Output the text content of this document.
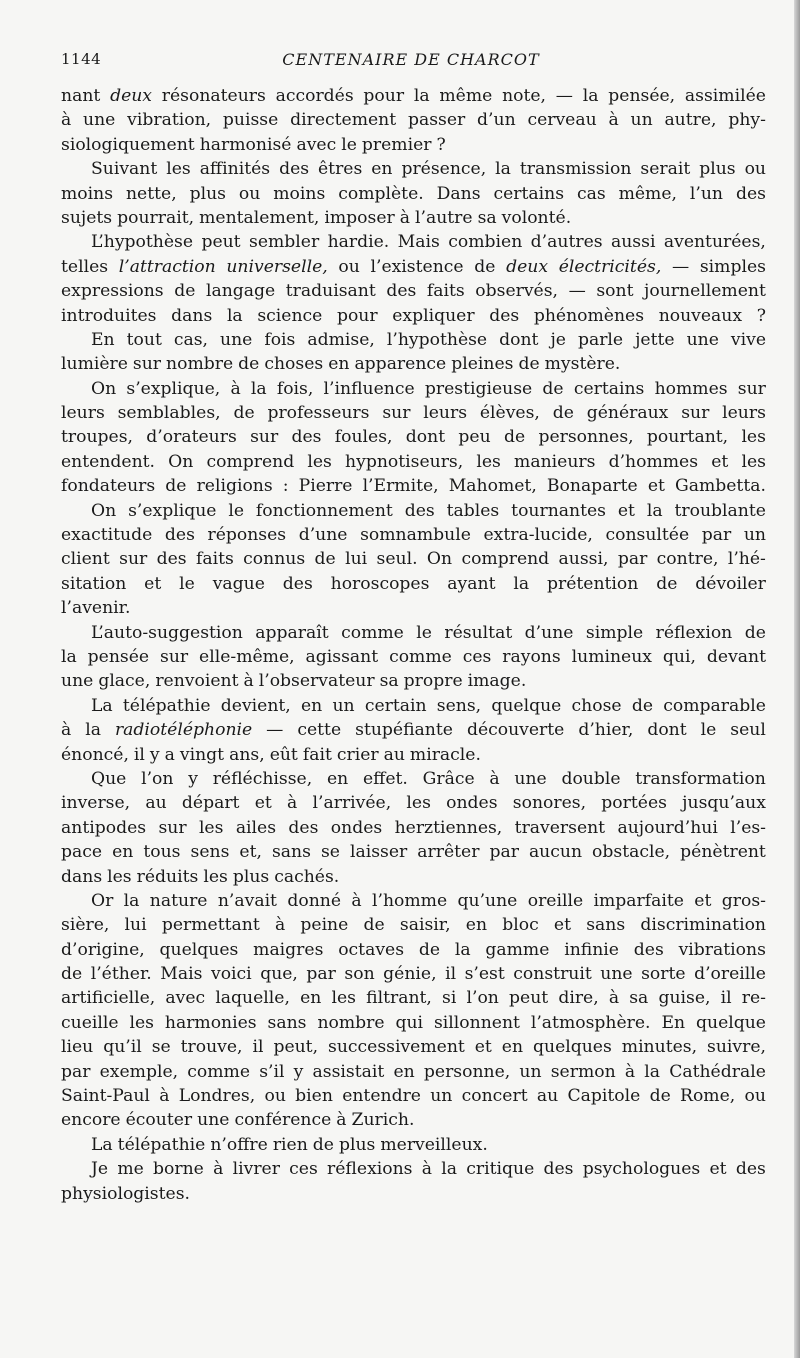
1144	CENTENAIRE DE CHARCOT
nant deux résonateurs accordés pour la même note, — la pensée, assimilée
à une vibration, puisse directement passer d’un cerveau à un autre, phy-
siologiquement harmonisé avec le premier ?
Suivant les affinités des êtres en présence, la transmission serait plus ou
moins nette, plus ou moins complète. Dans certains cas même, l’un des
sujets pourrait, mentalement, imposer à l’autre sa volonté.
L’hypothèse peut sembler hardie. Mais combien d’autres aussi aventurées,
telles l’attraction universelle, ou l’existence de deux électricités, — simples
expressions de langage traduisant des faits observés, — sont journellement
introduites dans la science pour expliquer des phénomènes nouveaux ?
En tout cas, une fois admise, l’hypothèse dont je parle jette une vive
lumière sur nombre de choses en apparence pleines de mystère.
On s’explique, à la fois, l’influence prestigieuse de certains hommes sur
leurs semblables, de professeurs sur leurs élèves, de généraux sur leurs
troupes, d’orateurs sur des foules, dont peu de personnes, pourtant, les
entendent. On comprend les hypnotiseurs, les manieurs d’hommes et les
fondateurs de religions : Pierre l’Ermite, Mahomet, Bonaparte et Gambetta.
On s’explique le fonctionnement des tables tournantes et la troublante
exactitude des réponses d’une somnambule extra-lucide, consultée par un
client sur des faits connus de lui seul. On comprend aussi, par contre, l’hé-
sitation et le vague des horoscopes ayant la prétention de dévoiler
l’avenir.
L’auto-suggestion apparaît comme le résultat d’une simple réflexion de
la pensée sur elle-même, agissant comme ces rayons lumineux qui, devant
une glace, renvoient à l’observateur sa propre image.
La télépathie devient, en un certain sens, quelque chose de comparable
à la radiotéléphonie — cette stupéfiante découverte d’hier, dont le seul
énoncé, il y a vingt ans, eût fait crier au miracle.
Que l’on y réfléchisse, en effet. Grâce à une double transformation
inverse, au départ et à l’arrivée, les ondes sonores, portées jusqu’aux
antipodes sur les ailes des ondes herztiennes, traversent aujourd’hui l’es-
pace en tous sens et, sans se laisser arrêter par aucun obstacle, pénètrent
dans les réduits les plus cachés.
Or la nature n’avait donné à l’homme qu’une oreille imparfaite et gros-
sière, lui permettant à peine de saisir, en bloc et sans discrimination
d’origine, quelques maigres octaves de la gamme infinie des vibrations
de l’éther. Mais voici que, par son génie, il s’est construit une sorte d’oreille
artificielle, avec laquelle, en les filtrant, si l’on peut dire, à sa guise, il re-
cueille les harmonies sans nombre qui sillonnent l’atmosphère. En quelque
lieu qu’il se trouve, il peut, successivement et en quelques minutes, suivre,
par exemple, comme s’il y assistait en personne, un sermon à la Cathédrale
Saint-Paul à Londres, ou bien entendre un concert au Capitole de Rome, ou
encore écouter une conférence à Zurich.
La télépathie n’offre rien de plus merveilleux.
Je me borne à livrer ces réflexions à la critique des psychologues et des
physiologistes.
